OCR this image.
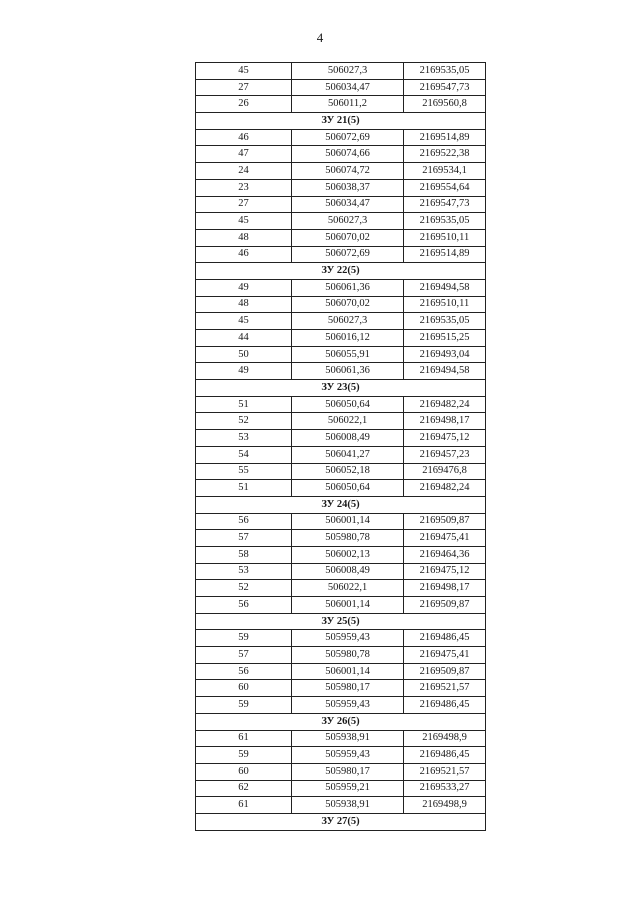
4
45	506027,3	2169535,05
27	506034,47	2169547,73
26	506011,2	2169560,8
ЗУ 21(5)		
46	506072,69	2169514,89
47	506074,66	2169522,38
24	506074,72	2169534,1
23	506038,37	2169554,64
27	506034,47	2169547,73
45	506027,3	2169535,05
48	506070,02	2169510,11
46	506072,69	2169514,89
ЗУ 22(5)		
49	506061,36	2169494,58
48	506070,02	2169510,11
45	506027,3	2169535,05
44	506016,12	2169515,25
50	506055,91	2169493,04
49	506061,36	2169494,58
ЗУ 23(5)		
51	506050,64	2169482,24
52	506022,1	2169498,17
53	506008,49	2169475,12
54	506041,27	2169457,23
55	506052,18	2169476,8
51	506050,64	2169482,24
ЗУ 24(5)		
56	506001,14	2169509,87
57	505980,78	2169475,41
58	506002,13	2169464,36
53	506008,49	2169475,12
52	506022,1	2169498,17
56	506001,14	2169509,87
ЗУ 25(5)		
59	505959,43	2169486,45
57	505980,78	2169475,41
56	506001,14	2169509,87
60	505980,17	2169521,57
59	505959,43	2169486,45
ЗУ 26(5)		
61	505938,91	2169498,9
59	505959,43	2169486,45
60	505980,17	2169521,57
62	505959,21	2169533,27
61	505938,91	2169498,9
ЗУ 27(5)		
